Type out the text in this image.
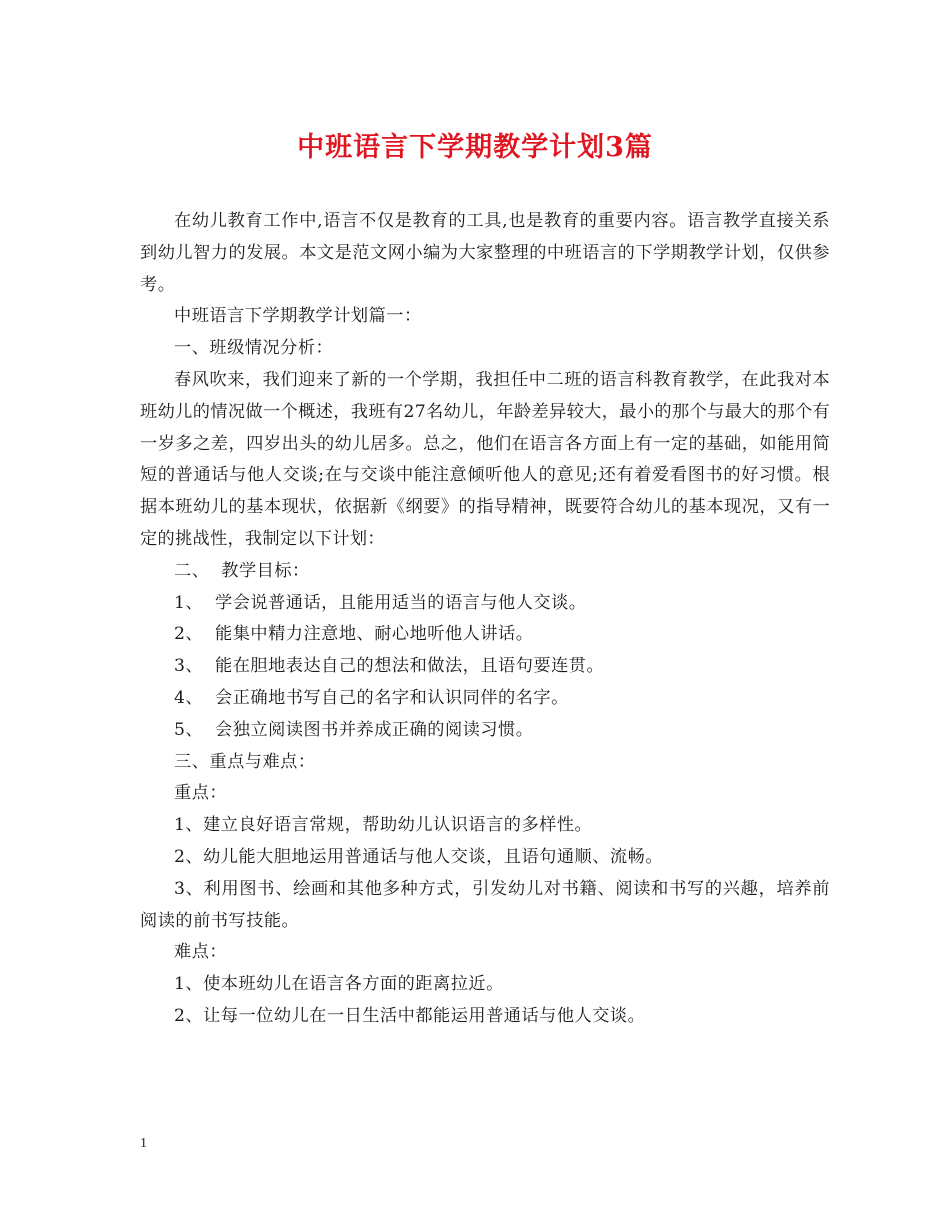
中班语言下学期教学计划3篇

在幼儿教育工作中,语言不仅是教育的工具,也是教育的重要内容。语言教学直接关系到幼儿智力的发展。本文是范文网小编为大家整理的中班语言的下学期教学计划，仅供参考。

中班语言下学期教学计划篇一：

一、班级情况分析：

春风吹来，我们迎来了新的一个学期，我担任中二班的语言科教育教学，在此我对本班幼儿的情况做一个概述，我班有27名幼儿，年龄差异较大，最小的那个与最大的那个有一岁多之差，四岁出头的幼儿居多。总之，他们在语言各方面上有一定的基础，如能用简短的普通话与他人交谈;在与交谈中能注意倾听他人的意见;还有着爱看图书的好习惯。根据本班幼儿的基本现状，依据新《纲要》的指导精神，既要符合幼儿的基本现况，又有一定的挑战性，我制定以下计划：

二、  教学目标：

1、  学会说普通话，且能用适当的语言与他人交谈。

2、  能集中精力注意地、耐心地听他人讲话。

3、  能在胆地表达自己的想法和做法，且语句要连贯。

4、  会正确地书写自己的名字和认识同伴的名字。

5、  会独立阅读图书并养成正确的阅读习惯。

三、重点与难点：

重点：

1、建立良好语言常规，帮助幼儿认识语言的多样性。

2、幼儿能大胆地运用普通话与他人交谈，且语句通顺、流畅。

3、利用图书、绘画和其他多种方式，引发幼儿对书籍、阅读和书写的兴趣，培养前阅读的前书写技能。

难点：

1、使本班幼儿在语言各方面的距离拉近。

2、让每一位幼儿在一日生活中都能运用普通话与他人交谈。

1
